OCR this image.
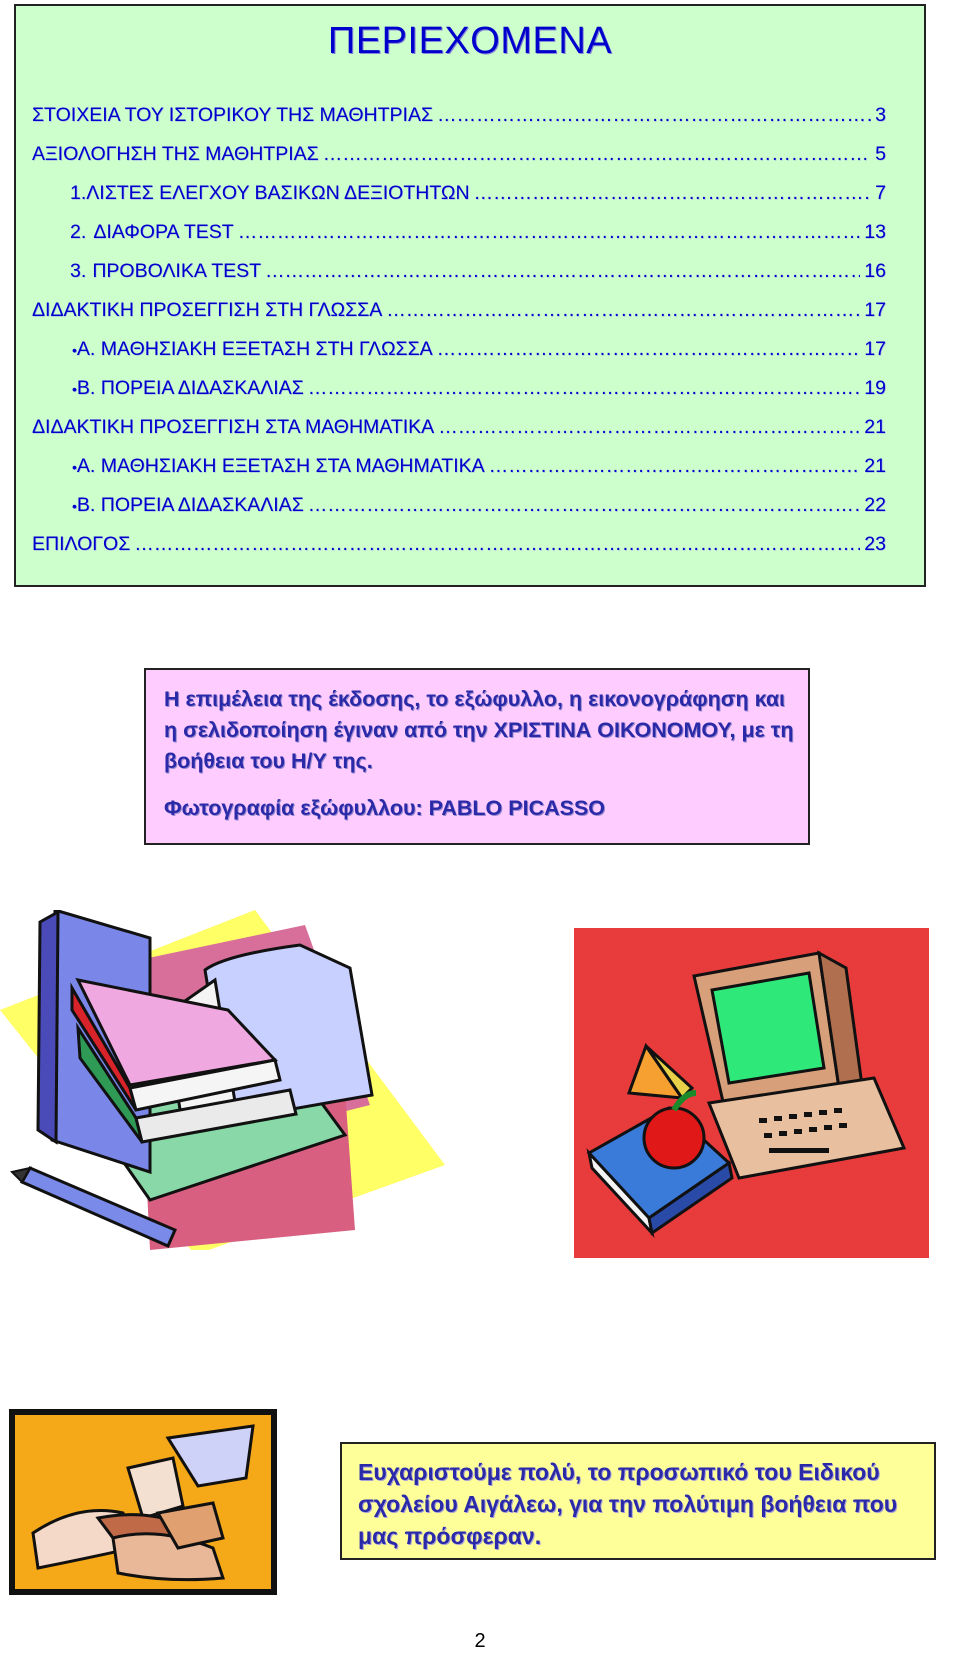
ΠΕΡΙΕΧΟΜΕΝΑ
ΣΤΟΙΧΕΙΑ ΤΟΥ ΙΣΤΟΡΙΚΟΥ ΤΗΣ ΜΑΘΗΤΡΙΑΣ …………………………………………………………………………………………………………………………………………	3
ΑΞΙΟΛΟΓΗΣΗ ΤΗΣ ΜΑΘΗΤΡΙΑΣ …………………………………………………………………………………………………………………………………………	5
1. ΛΙΣΤΕΣ ΕΛΕΓΧΟΥ ΒΑΣΙΚΩΝ ΔΕΞΙΟΤΗΤΩΝ …………………………………………………………………………………………………………………………………………	7
2. ΔΙΑΦΟΡΑ TEST …………………………………………………………………………………………………………………………………………	13
3. ΠΡΟΒΟΛΙΚΑ TEST …………………………………………………………………………………………………………………………………………	16
ΔΙΔΑΚΤΙΚΗ ΠΡΟΣΕΓΓΙΣΗ ΣΤΗ ΓΛΩΣΣΑ …………………………………………………………………………………………………………………………………………	17
• Α. ΜΑΘΗΣΙΑΚΗ ΕΞΕΤΑΣΗ ΣΤΗ ΓΛΩΣΣΑ …………………………………………………………………………………………………………………………………………	17
• Β. ΠΟΡΕΙΑ ΔΙΔΑΣΚΑΛΙΑΣ …………………………………………………………………………………………………………………………………………	19
ΔΙΔΑΚΤΙΚΗ ΠΡΟΣΕΓΓΙΣΗ ΣΤΑ ΜΑΘΗΜΑΤΙΚΑ …………………………………………………………………………………………………………………………………………	21
• Α. ΜΑΘΗΣΙΑΚΗ ΕΞΕΤΑΣΗ ΣΤΑ ΜΑΘΗΜΑΤΙΚΑ …………………………………………………………………………………………………………………………………………	21
• Β. ΠΟΡΕΙΑ ΔΙΔΑΣΚΑΛΙΑΣ …………………………………………………………………………………………………………………………………………	22
ΕΠΙΛΟΓΟΣ …………………………………………………………………………………………………………………………………………	23
Η επιμέλεια της έκδοσης, το εξώφυλλο, η εικονογράφηση και η σελιδοποίηση έγιναν από την ΧΡΙΣΤΙΝΑ ΟΙΚΟΝΟΜΟΥ, με τη βοήθεια του Η/Υ της.
Φωτογραφία εξώφυλλου: PABLO PICASSO
Ευχαριστούμε πολύ, το προσωπικό του Ειδικού σχολείου Αιγάλεω, για την πολύτιμη βοήθεια που μας πρόσφεραν.
2
